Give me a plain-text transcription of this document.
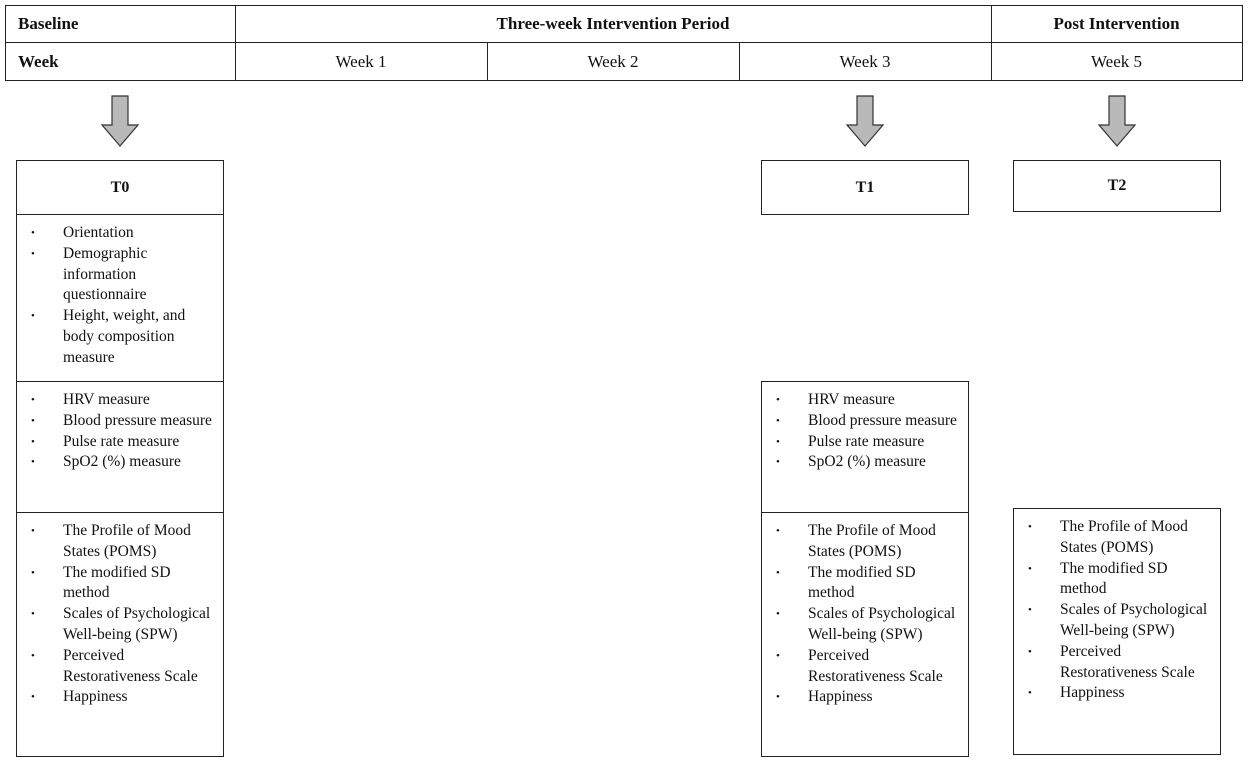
Baseline	Three-week Intervention Period	Post Intervention
Week	Week 1	Week 2	Week 3	Week 5
T0
• Orientation
• Demographic information questionnaire
• Height, weight, and body composition measure
• HRV measure
• Blood pressure measure
• Pulse rate measure
• SpO2 (%) measure
• The Profile of Mood States (POMS)
• The modified SD method
• Scales of Psychological Well-being (SPW)
• Perceived Restorativeness Scale
• Happiness
T1
• HRV measure
• Blood pressure measure
• Pulse rate measure
• SpO2 (%) measure
• The Profile of Mood States (POMS)
• The modified SD method
• Scales of Psychological Well-being (SPW)
• Perceived Restorativeness Scale
• Happiness
T2
• The Profile of Mood States (POMS)
• The modified SD method
• Scales of Psychological Well-being (SPW)
• Perceived Restorativeness Scale
• Happiness
